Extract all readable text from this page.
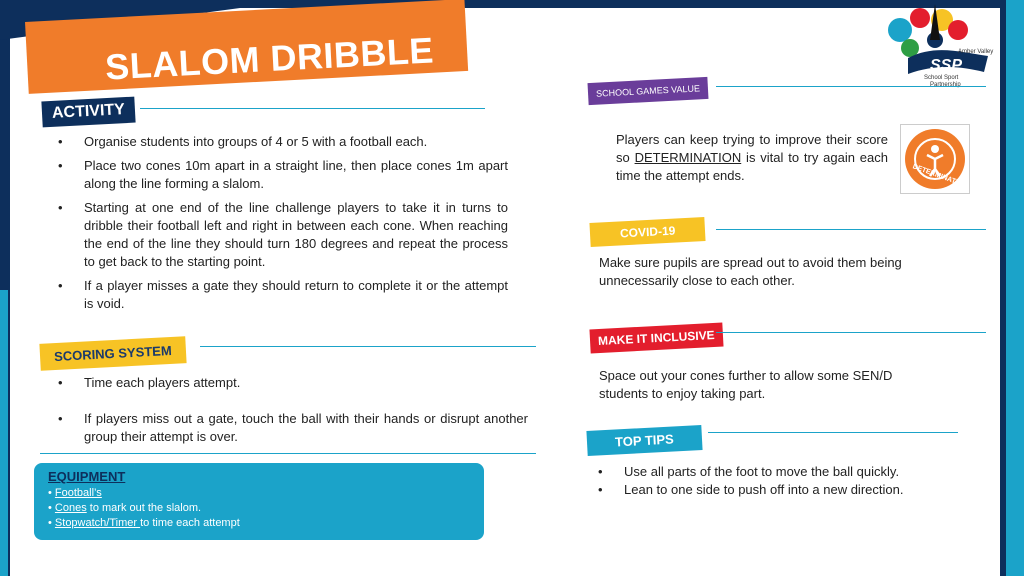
SLALOM DRIBBLE	SSP
Amber Valley
School Sport
Partnership
ACTIVITY
• Organise students into groups of 4 or 5 with a football each.
• Place two cones 10m apart in a straight line, then place cones 1m apart along the line forming a slalom.
• Starting at one end of the line challenge players to take it in turns to dribble their football left and right in between each cone. When reaching the end of the line they should turn 180 degrees and repeat the process to get back to the starting point.
• If a player misses a gate they should return to complete it or the attempt is void.
SCORING SYSTEM
• Time each players attempt.
• If players miss out a gate, touch the ball with their hands or disrupt another group their attempt is over.
EQUIPMENT
• Football’s
• Cones to mark out the slalom.
• Stopwatch/Timer to time each attempt
SCHOOL GAMES VALUE
Players can keep trying to improve their score so DETERMINATION is vital to try again each time the attempt ends.	DETERMINATION
COVID-19
Make sure pupils are spread out to avoid them being unnecessarily close to each other.
MAKE IT INCLUSIVE
Space out your cones further to allow some SEN/D students to enjoy taking part.
TOP TIPS
• Use all parts of the foot to move the ball quickly.
• Lean to one side to push off into a new direction.
